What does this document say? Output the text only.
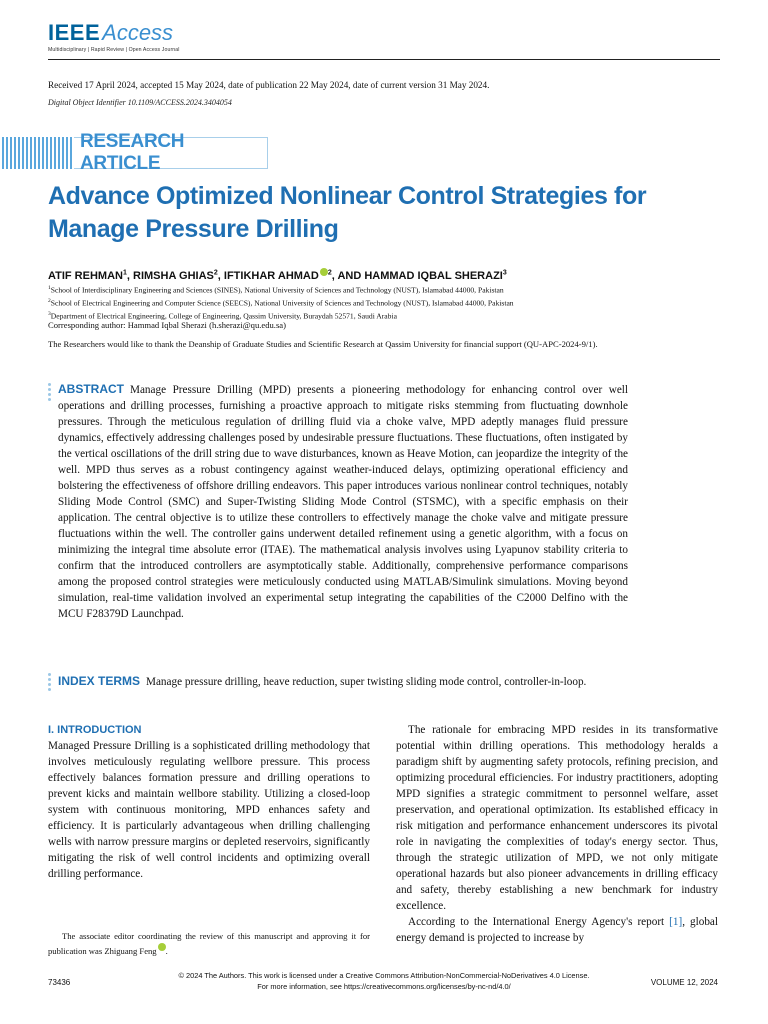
IEEE Access
Multidisciplinary | Rapid Review | Open Access Journal
Received 17 April 2024, accepted 15 May 2024, date of publication 22 May 2024, date of current version 31 May 2024.
Digital Object Identifier 10.1109/ACCESS.2024.3404054
RESEARCH ARTICLE
Advance Optimized Nonlinear Control Strategies for Manage Pressure Drilling
ATIF REHMAN$^1$, RIMSHA GHIAS$^2$, IFTIKHAR AHMAD $^2$, AND HAMMAD IQBAL SHERAZI$^3$
$^1$School of Interdisciplinary Engineering and Sciences (SINES), National University of Sciences and Technology (NUST), Islamabad 44000, Pakistan
$^2$School of Electrical Engineering and Computer Science (SEECS), National University of Sciences and Technology (NUST), Islamabad 44000, Pakistan
$^3$Department of Electrical Engineering, College of Engineering, Qassim University, Buraydah 52571, Saudi Arabia
Corresponding author: Hammad Iqbal Sherazi (h.sherazi@qu.edu.sa)
The Researchers would like to thank the Deanship of Graduate Studies and Scientific Research at Qassim University for financial support (QU-APC-2024-9/1).
ABSTRACT Manage Pressure Drilling (MPD) presents a pioneering methodology for enhancing control over well operations and drilling processes, furnishing a proactive approach to mitigate risks stemming from fluctuating downhole pressures. Through the meticulous regulation of drilling fluid via a choke valve, MPD adeptly manages fluid pressure dynamics, effectively addressing challenges posed by undesirable pressure fluctuations. These fluctuations, often instigated by the vertical oscillations of the drill string due to wave disturbances, known as Heave Motion, can jeopardize the integrity of the well. MPD thus serves as a robust contingency against weather-induced delays, optimizing operational efficiency and bolstering the effectiveness of offshore drilling endeavors. This paper introduces various nonlinear control techniques, notably Sliding Mode Control (SMC) and Super-Twisting Sliding Mode Control (STSMC), with a specific emphasis on their application. The central objective is to utilize these controllers to effectively manage the choke valve and mitigate pressure fluctuations within the well. The controller gains underwent detailed refinement using a genetic algorithm, with a focus on minimizing the integral time absolute error (ITAE). The mathematical analysis involves using Lyapunov stability criteria to confirm that the introduced controllers are asymptotically stable. Additionally, comprehensive performance comparisons among the proposed control strategies were meticulously conducted using MATLAB/Simulink simulations. Moving beyond simulation, real-time validation involved an experimental setup integrating the capabilities of the C2000 Delfino with the MCU F28379D Launchpad.
INDEX TERMS Manage pressure drilling, heave reduction, super twisting sliding mode control, controller-in-loop.
I. INTRODUCTION

Managed Pressure Drilling is a sophisticated drilling methodology that involves meticulously regulating wellbore pressure. This process effectively balances formation pressure and drilling operations to prevent kicks and maintain wellbore stability. Utilizing a closed-loop system with continuous monitoring, MPD enhances safety and efficiency. It is particularly advantageous when drilling challenging wells with narrow pressure margins or depleted reservoirs, significantly mitigating the risk of well control incidents and optimizing overall drilling performance.

The rationale for embracing MPD resides in its transformative potential within drilling operations. This methodology heralds a paradigm shift by augmenting safety protocols, refining precision, and optimizing procedural efficiencies. For industry practitioners, adopting MPD signifies a strategic commitment to personnel welfare, asset preservation, and operational optimization. Its established efficacy in risk mitigation and performance enhancement underscores its pivotal role in navigating the complexities of today's energy sector. Thus, through the strategic utilization of MPD, we not only mitigate operational hazards but also pioneer advancements in drilling efficacy and safety, thereby establishing a new benchmark for industry excellence.

According to the International Energy Agency's report [1], global energy demand is projected to increase by

The associate editor coordinating the review of this manuscript and approving it for publication was Zhiguang Feng .
73436
© 2024 The Authors. This work is licensed under a Creative Commons Attribution-NonCommercial-NoDerivatives 4.0 License.
For more information, see https://creativecommons.org/licenses/by-nc-nd/4.0/	VOLUME 12, 2024
